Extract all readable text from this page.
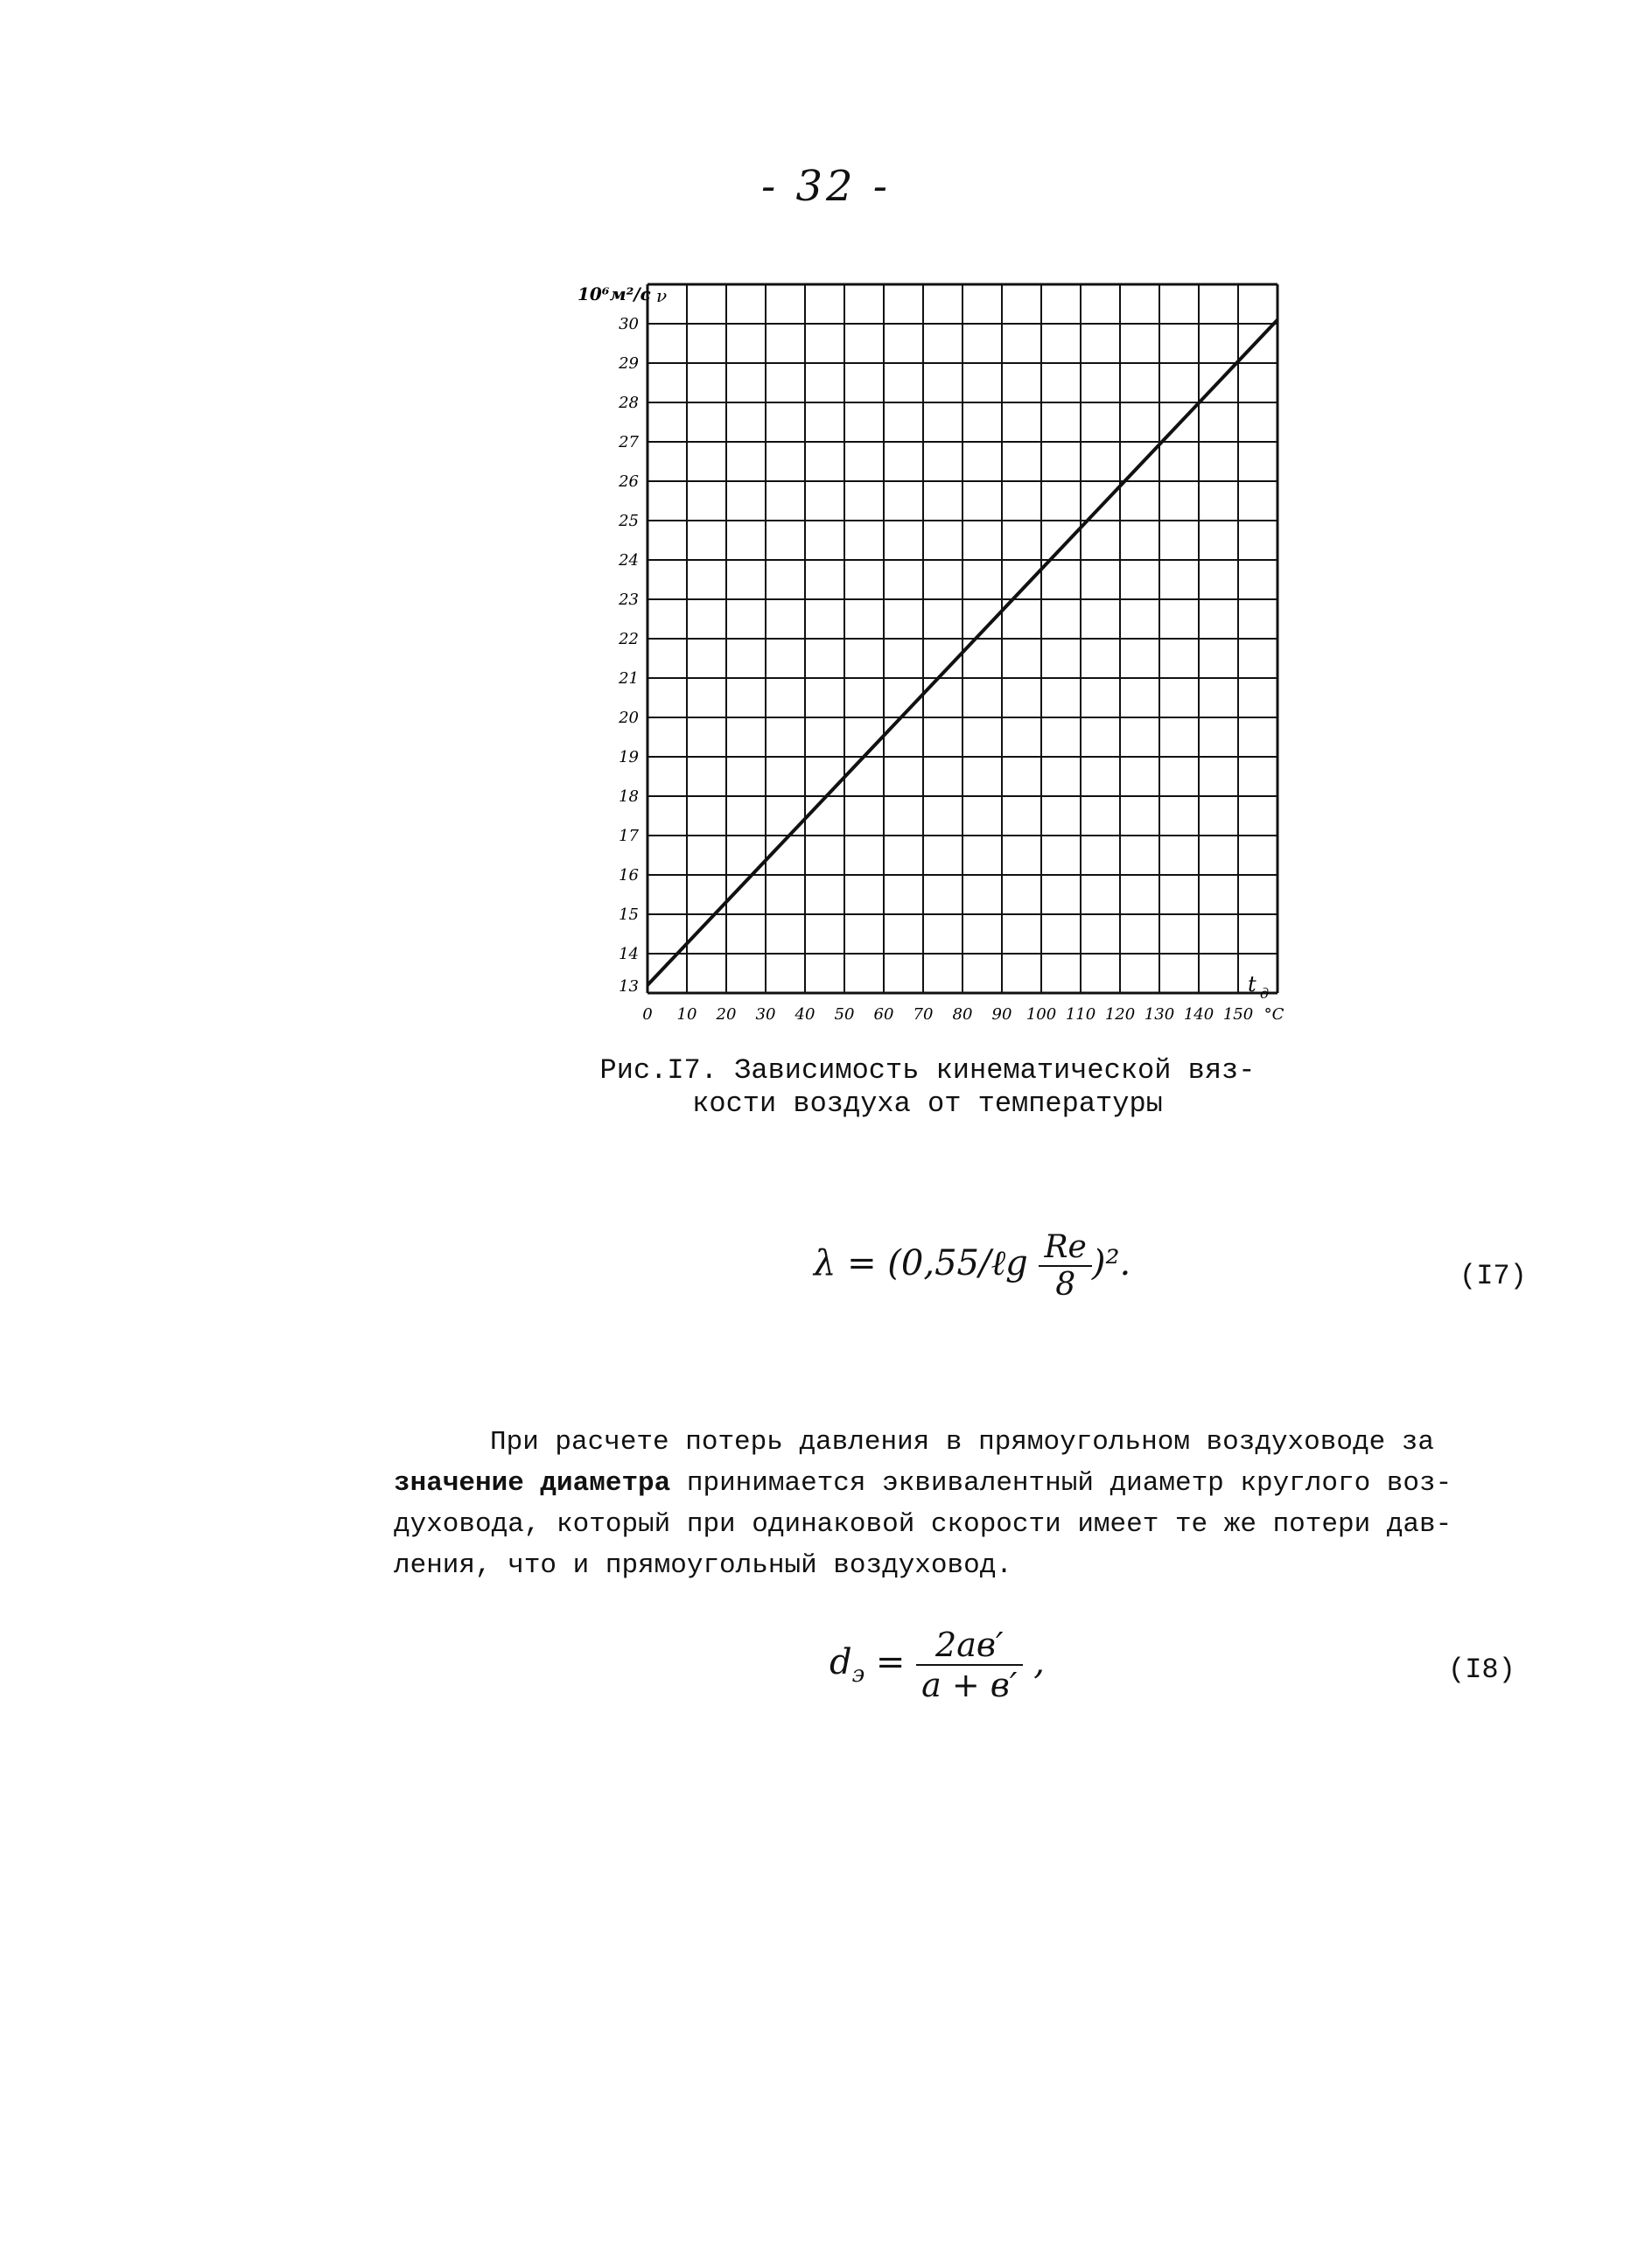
- 32 -
13
14
15
16
17
18
19
20
21
22
23
24
25
26
27
28
29
30
0 10 20 30 40 50 60 70 80 90 100 110 120 130 140 150 °C
10⁶м²/с ν
t д
Рис.I7. Зависимость кинематической вяз-
кости воздуха от температуры
λ = (0,55/ℓg $\frac{Re}{8} )^2$.	(I7)
При расчете потерь давления в прямоугольном воздуховоде за
значение диаметра принимается эквивалентный диаметр круглого воз-
духовода, который при одинаковой скорости имеет те же потери дав-
ления, что и прямоугольный воздуховод.
$d_э = \frac{2aв'}{a + в'}$ ,	(I8)
